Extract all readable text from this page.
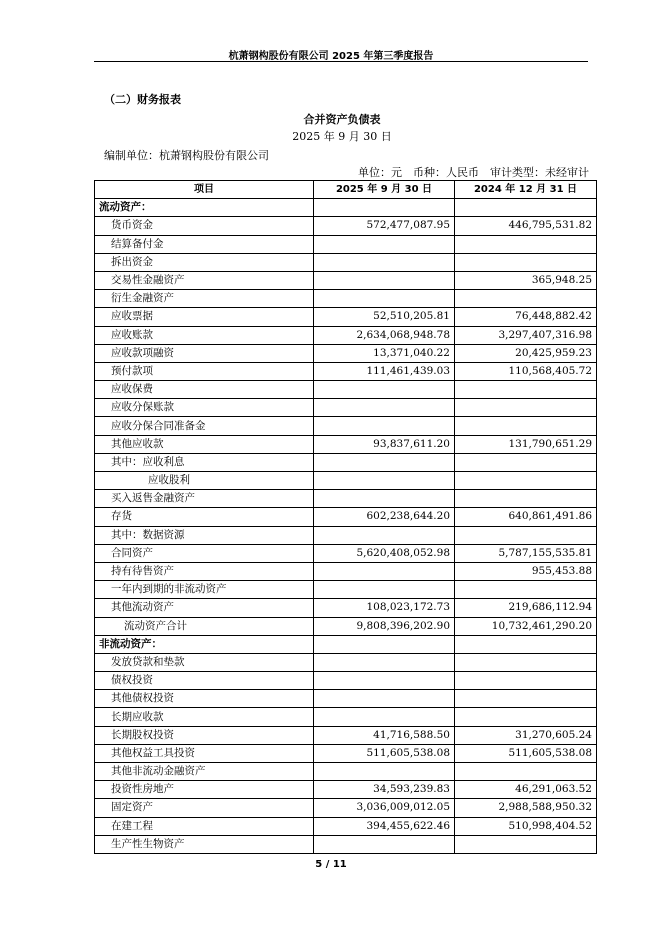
杭萧钢构股份有限公司 2025 年第三季度报告
（二）财务报表
合并资产负债表
2025 年 9 月 30 日
编制单位：杭萧钢构股份有限公司
单位：元　币种：人民币　审计类型：未经审计
项目	2025 年 9 月 30 日	2024 年 12 月 31 日
流动资产：		
货币资金	572,477,087.95	446,795,531.82
结算备付金		
拆出资金		
交易性金融资产		365,948.25
衍生金融资产		
应收票据	52,510,205.81	76,448,882.42
应收账款	2,634,068,948.78	3,297,407,316.98
应收款项融资	13,371,040.22	20,425,959.23
预付款项	111,461,439.03	110,568,405.72
应收保费		
应收分保账款		
应收分保合同准备金		
其他应收款	93,837,611.20	131,790,651.29
其中：应收利息		
应收股利		
买入返售金融资产		
存货	602,238,644.20	640,861,491.86
其中：数据资源		
合同资产	5,620,408,052.98	5,787,155,535.81
持有待售资产		955,453.88
一年内到期的非流动资产		
其他流动资产	108,023,172.73	219,686,112.94
流动资产合计	9,808,396,202.90	10,732,461,290.20
非流动资产：		
发放贷款和垫款		
债权投资		
其他债权投资		
长期应收款		
长期股权投资	41,716,588.50	31,270,605.24
其他权益工具投资	511,605,538.08	511,605,538.08
其他非流动金融资产		
投资性房地产	34,593,239.83	46,291,063.52
固定资产	3,036,009,012.05	2,988,588,950.32
在建工程	394,455,622.46	510,998,404.52
生产性生物资产		
5 / 11
